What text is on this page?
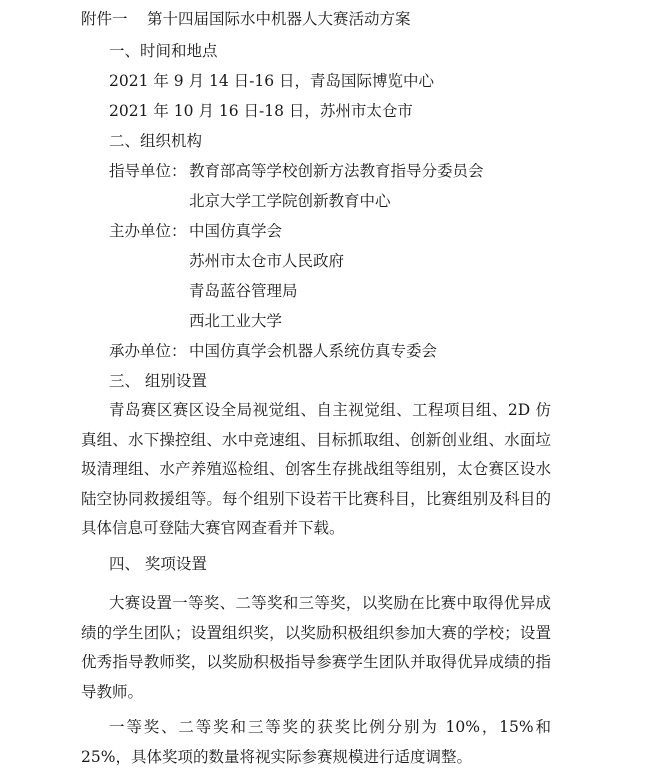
附件一 第十四届国际水中机器人大赛活动方案
一、时间和地点
2021 年 9 月 14 日-16 日，青岛国际博览中心
2021 年 10 月 16 日-18 日，苏州市太仓市
二、组织机构
指导单位： 教育部高等学校创新方法教育指导分委员会
北京大学工学院创新教育中心
主办单位： 中国仿真学会
苏州市太仓市人民政府
青岛蓝谷管理局
西北工业大学
承办单位： 中国仿真学会机器人系统仿真专委会
三、 组别设置
青岛赛区赛区设全局视觉组、自主视觉组、工程项目组、2D 仿真组、水下操控组、水中竞速组、目标抓取组、创新创业组、水面垃圾清理组、水产养殖巡检组、创客生存挑战组等组别，太仓赛区设水陆空协同救援组等。每个组别下设若干比赛科目，比赛组别及科目的具体信息可登陆大赛官网查看并下载。
四、 奖项设置
大赛设置一等奖、二等奖和三等奖，以奖励在比赛中取得优异成绩的学生团队；设置组织奖，以奖励积极组织参加大赛的学校；设置优秀指导教师奖，以奖励积极指导参赛学生团队并取得优异成绩的指导教师。
一等奖、二等奖和三等奖的获奖比例分别为 10%，15%和 25%，具体奖项的数量将视实际参赛规模进行适度调整。
